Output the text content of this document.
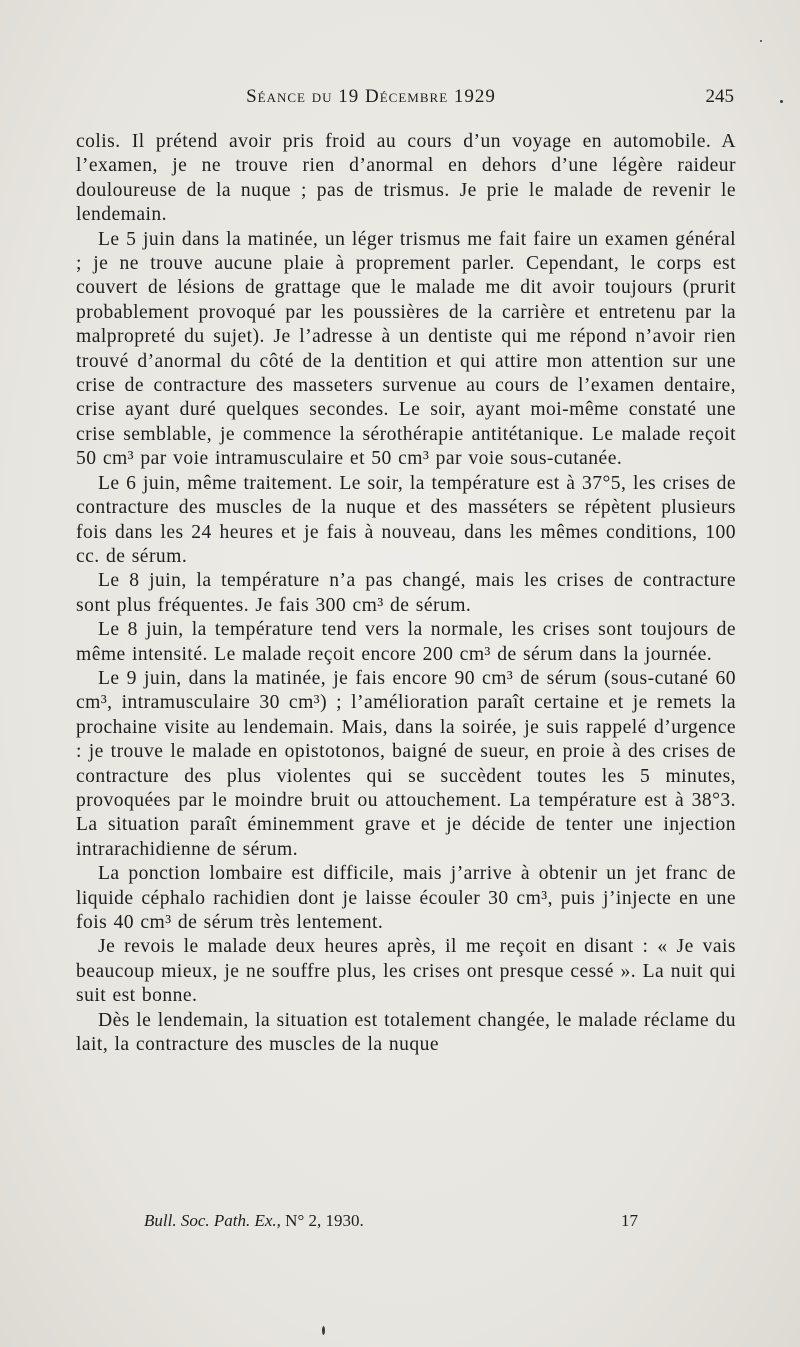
Séance du 19 Décembre 1929	245

colis. Il prétend avoir pris froid au cours d’un voyage en automobile. A l’examen, je ne trouve rien d’anormal en dehors d’une légère raideur douloureuse de la nuque ; pas de trismus. Je prie le malade de revenir le lendemain.

Le 5 juin dans la matinée, un léger trismus me fait faire un examen général ; je ne trouve aucune plaie à proprement parler. Cependant, le corps est couvert de lésions de grattage que le malade me dit avoir toujours (prurit probablement provoqué par les poussières de la carrière et entretenu par la malpropreté du sujet). Je l’adresse à un dentiste qui me répond n’avoir rien trouvé d’anormal du côté de la dentition et qui attire mon attention sur une crise de contracture des masseters survenue au cours de l’examen dentaire, crise ayant duré quelques secondes. Le soir, ayant moi-même constaté une crise semblable, je commence la sérothérapie antitétanique. Le malade reçoit 50 cm³ par voie intramusculaire et 50 cm³ par voie sous-cutanée.

Le 6 juin, même traitement. Le soir, la température est à 37°5, les crises de contracture des muscles de la nuque et des masséters se répètent plusieurs fois dans les 24 heures et je fais à nouveau, dans les mêmes conditions, 100 cc. de sérum.

Le 8 juin, la température n’a pas changé, mais les crises de contracture sont plus fréquentes. Je fais 300 cm³ de sérum.

Le 8 juin, la température tend vers la normale, les crises sont toujours de même intensité. Le malade reçoit encore 200 cm³ de sérum dans la journée.

Le 9 juin, dans la matinée, je fais encore 90 cm³ de sérum (sous-cutané 60 cm³, intramusculaire 30 cm³) ; l’amélioration paraît certaine et je remets la prochaine visite au lendemain. Mais, dans la soirée, je suis rappelé d’urgence : je trouve le malade en opistotonos, baigné de sueur, en proie à des crises de contracture des plus violentes qui se succèdent toutes les 5 minutes, provoquées par le moindre bruit ou attouchement. La température est à 38°3. La situation paraît éminemment grave et je décide de tenter une injection intrarachidienne de sérum.

La ponction lombaire est difficile, mais j’arrive à obtenir un jet franc de liquide céphalo rachidien dont je laisse écouler 30 cm³, puis j’injecte en une fois 40 cm³ de sérum très lentement.

Je revois le malade deux heures après, il me reçoit en disant : « Je vais beaucoup mieux, je ne souffre plus, les crises ont presque cessé ». La nuit qui suit est bonne.

Dès le lendemain, la situation est totalement changée, le malade réclame du lait, la contracture des muscles de la nuque

Bull. Soc. Path. Ex., N° 2, 1930.	17
